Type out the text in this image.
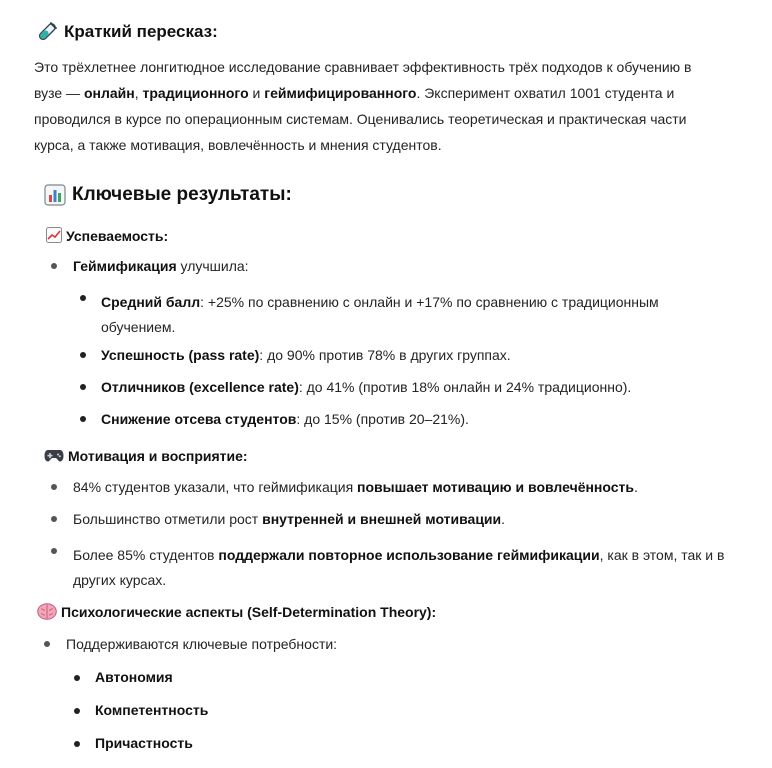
Краткий пересказ:
Это трёхлетнее лонгитюдное исследование сравнивает эффективность трёх подходов к обучению в
вузе — онлайн, традиционного и геймифицированного. Эксперимент охватил 1001 студента и
проводился в курсе по операционным системам. Оценивались теоретическая и практическая части
курса, а также мотивация, вовлечённость и мнения студентов.
Ключевые результаты:
Успеваемость:
Геймификация улучшила:
Средний балл: +25% по сравнению с онлайн и +17% по сравнению с традиционным
обучением.
Успешность (pass rate): до 90% против 78% в других группах.
Отличников (excellence rate): до 41% (против 18% онлайн и 24% традиционно).
Снижение отсева студентов: до 15% (против 20–21%).
Мотивация и восприятие:
84% студентов указали, что геймификация повышает мотивацию и вовлечённость.
Большинство отметили рост внутренней и внешней мотивации.
Более 85% студентов поддержали повторное использование геймификации, как в этом, так и в
других курсах.
Психологические аспекты (Self-Determination Theory):
Поддерживаются ключевые потребности:
Автономия
Компетентность
Причастность
